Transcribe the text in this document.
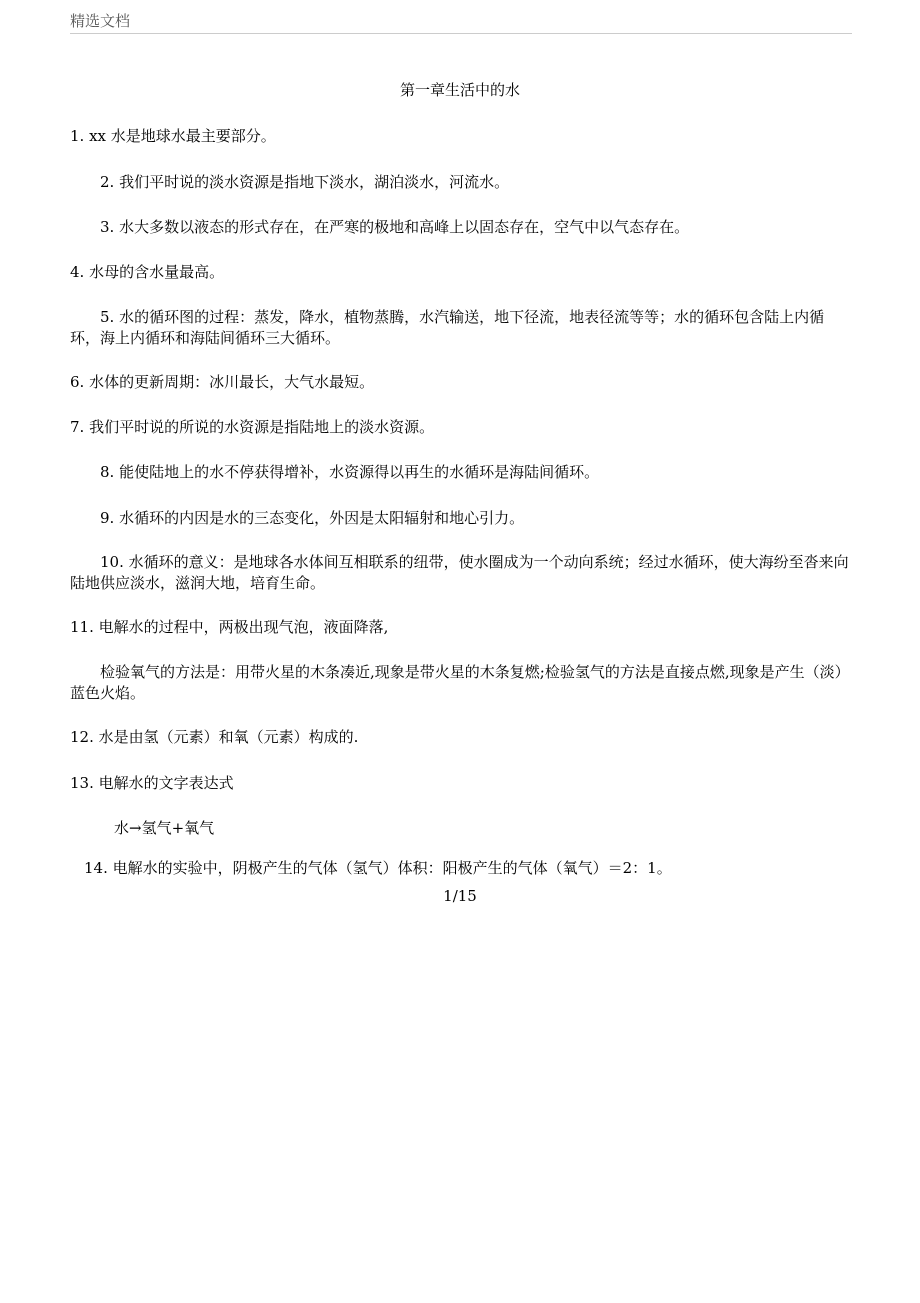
精选文档
第一章生活中的水
1. xx 水是地球水最主要部分。
2. 我们平时说的淡水资源是指地下淡水，湖泊淡水，河流水。
3. 水大多数以液态的形式存在，在严寒的极地和高峰上以固态存在，空气中以气态存在。
4. 水母的含水量最高。
5. 水的循环图的过程：蒸发，降水，植物蒸腾，水汽输送，地下径流，地表径流等等；水的循环包含陆上内循环，海上内循环和海陆间循环三大循环。
6. 水体的更新周期：冰川最长，大气水最短。
7. 我们平时说的所说的水资源是指陆地上的淡水资源。
8. 能使陆地上的水不停获得增补，水资源得以再生的水循环是海陆间循环。
9. 水循环的内因是水的三态变化，外因是太阳辐射和地心引力。
10. 水循环的意义：是地球各水体间互相联系的纽带，使水圈成为一个动向系统；经过水循环，使大海纷至沓来向陆地供应淡水，滋润大地，培育生命。
11. 电解水的过程中，两极出现气泡，液面降落,
检验氧气的方法是：用带火星的木条凑近,现象是带火星的木条复燃;检验氢气的方法是直接点燃,现象是产生（淡）蓝色火焰。
12. 水是由氢（元素）和氧（元素）构成的.
13. 电解水的文字表达式
水→氢气+氧气
14. 电解水的实验中，阴极产生的气体（氢气）体积：阳极产生的气体（氧气）＝2：1。
1/15
